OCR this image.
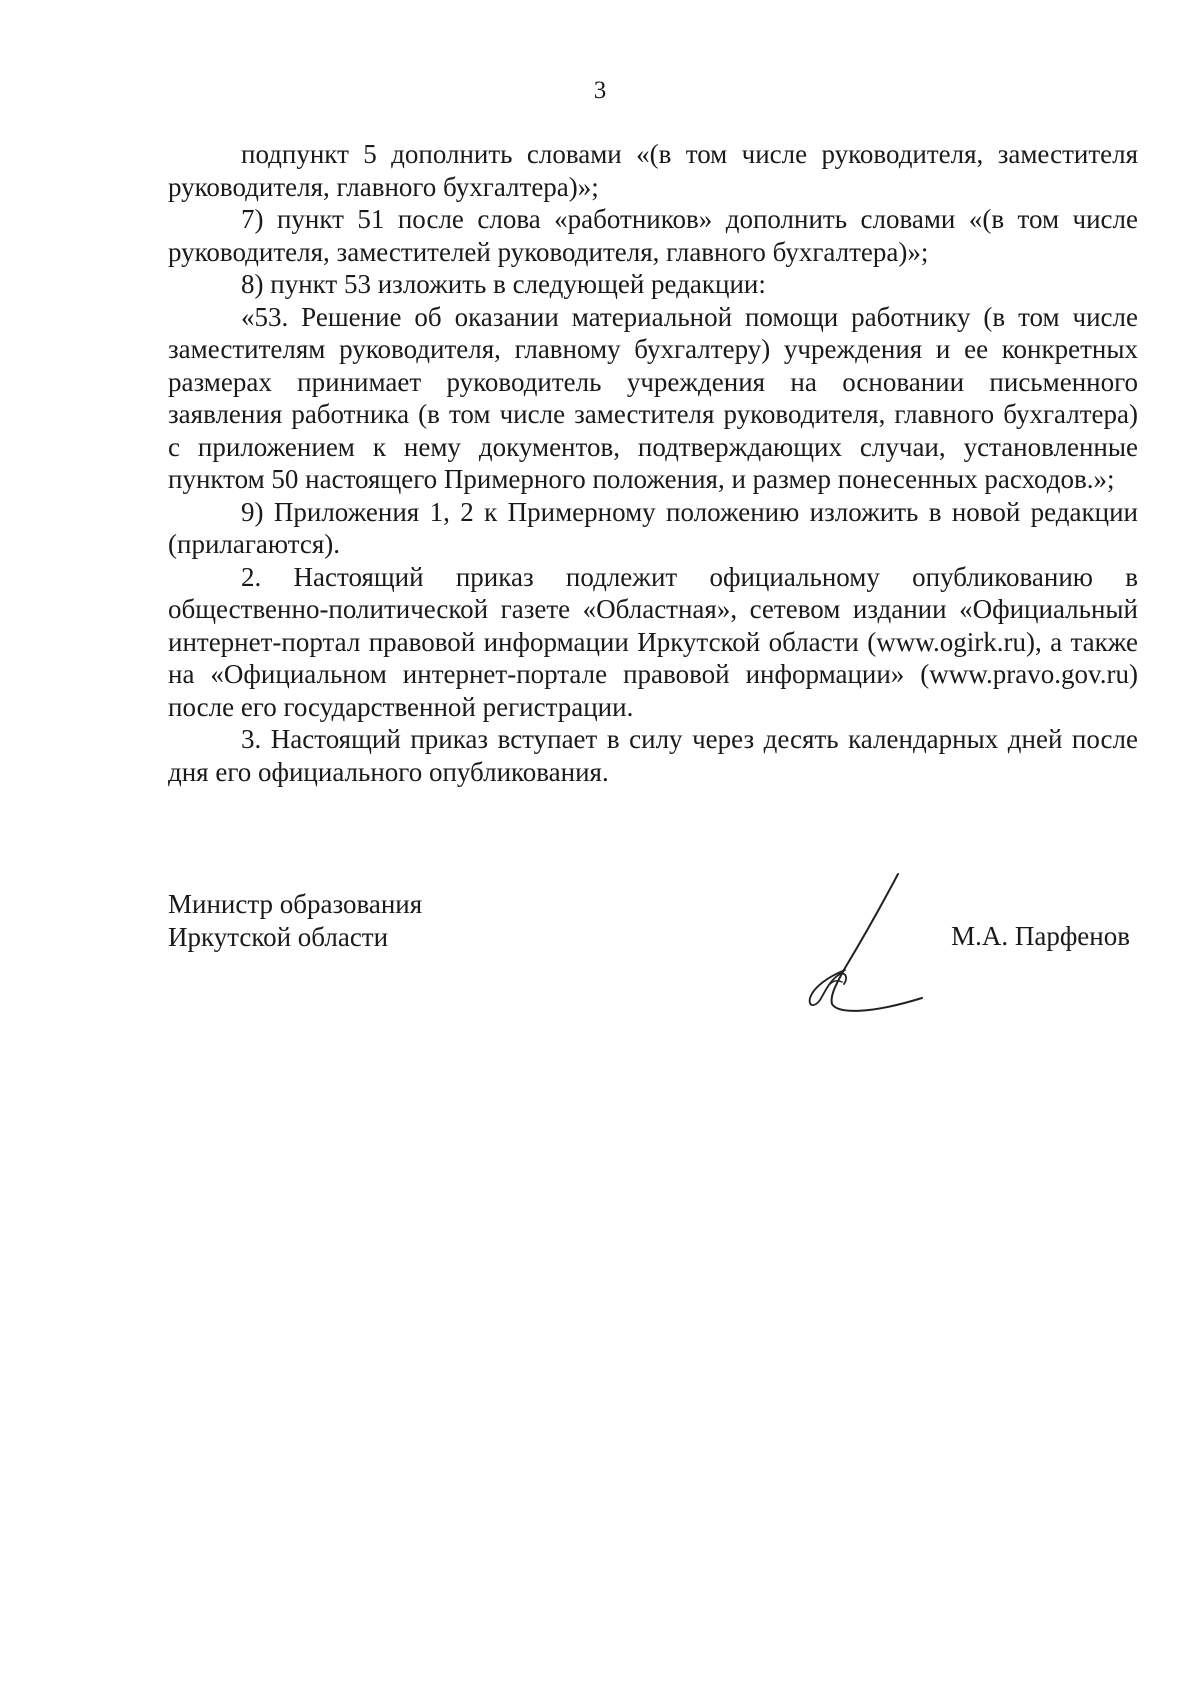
3

подпункт 5 дополнить словами «(в том числе руководителя, заместителя руководителя, главного бухгалтера)»;

7) пункт 51 после слова «работников» дополнить словами «(в том числе руководителя, заместителей руководителя, главного бухгалтера)»;

8) пункт 53 изложить в следующей редакции:

«53. Решение об оказании материальной помощи работнику (в том числе заместителям руководителя, главному бухгалтеру) учреждения и ее конкретных размерах принимает руководитель учреждения на основании письменного заявления работника (в том числе заместителя руководителя, главного бухгалтера) с приложением к нему документов, подтверждающих случаи, установленные пунктом 50 настоящего Примерного положения, и размер понесенных расходов.»;

9) Приложения 1, 2 к Примерному положению изложить в новой редакции (прилагаются).

2. Настоящий приказ подлежит официальному опубликованию в общественно-политической газете «Областная», сетевом издании «Официальный интернет-портал правовой информации Иркутской области (www.ogirk.ru), а также на «Официальном интернет-портале правовой информации» (www.pravo.gov.ru) после его государственной регистрации.

3. Настоящий приказ вступает в силу через десять календарных дней после дня его официального опубликования.

Министр образования
Иркутской области	М.А. Парфенов
